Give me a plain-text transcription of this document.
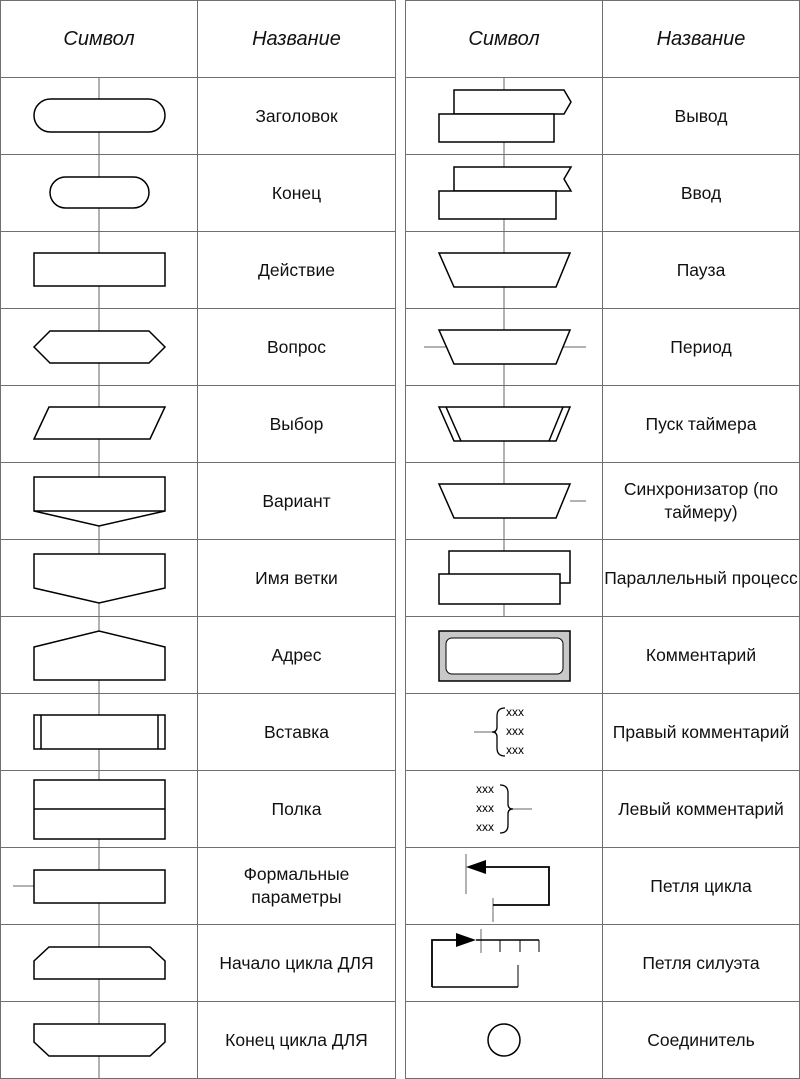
Символ	Название

	Заголовок

	Конец

	Действие

	Вопрос

	Выбор

	Вариант

	Имя ветки

	Адрес

	Вставка

	Полка

	Формальные параметры

	Начало цикла ДЛЯ

	Конец цикла ДЛЯ
Символ	Название

	Вывод

	Ввод

	Пауза

	Период

	Пуск таймера

	Синхронизатор (по таймеру)

	Параллельный процесс

	Комментарий

xxx
xxx
xxx	Правый комментарий

xxx
xxx
xxx	Левый комментарий

	Петля цикла

	Петля силуэта

	Соединитель
